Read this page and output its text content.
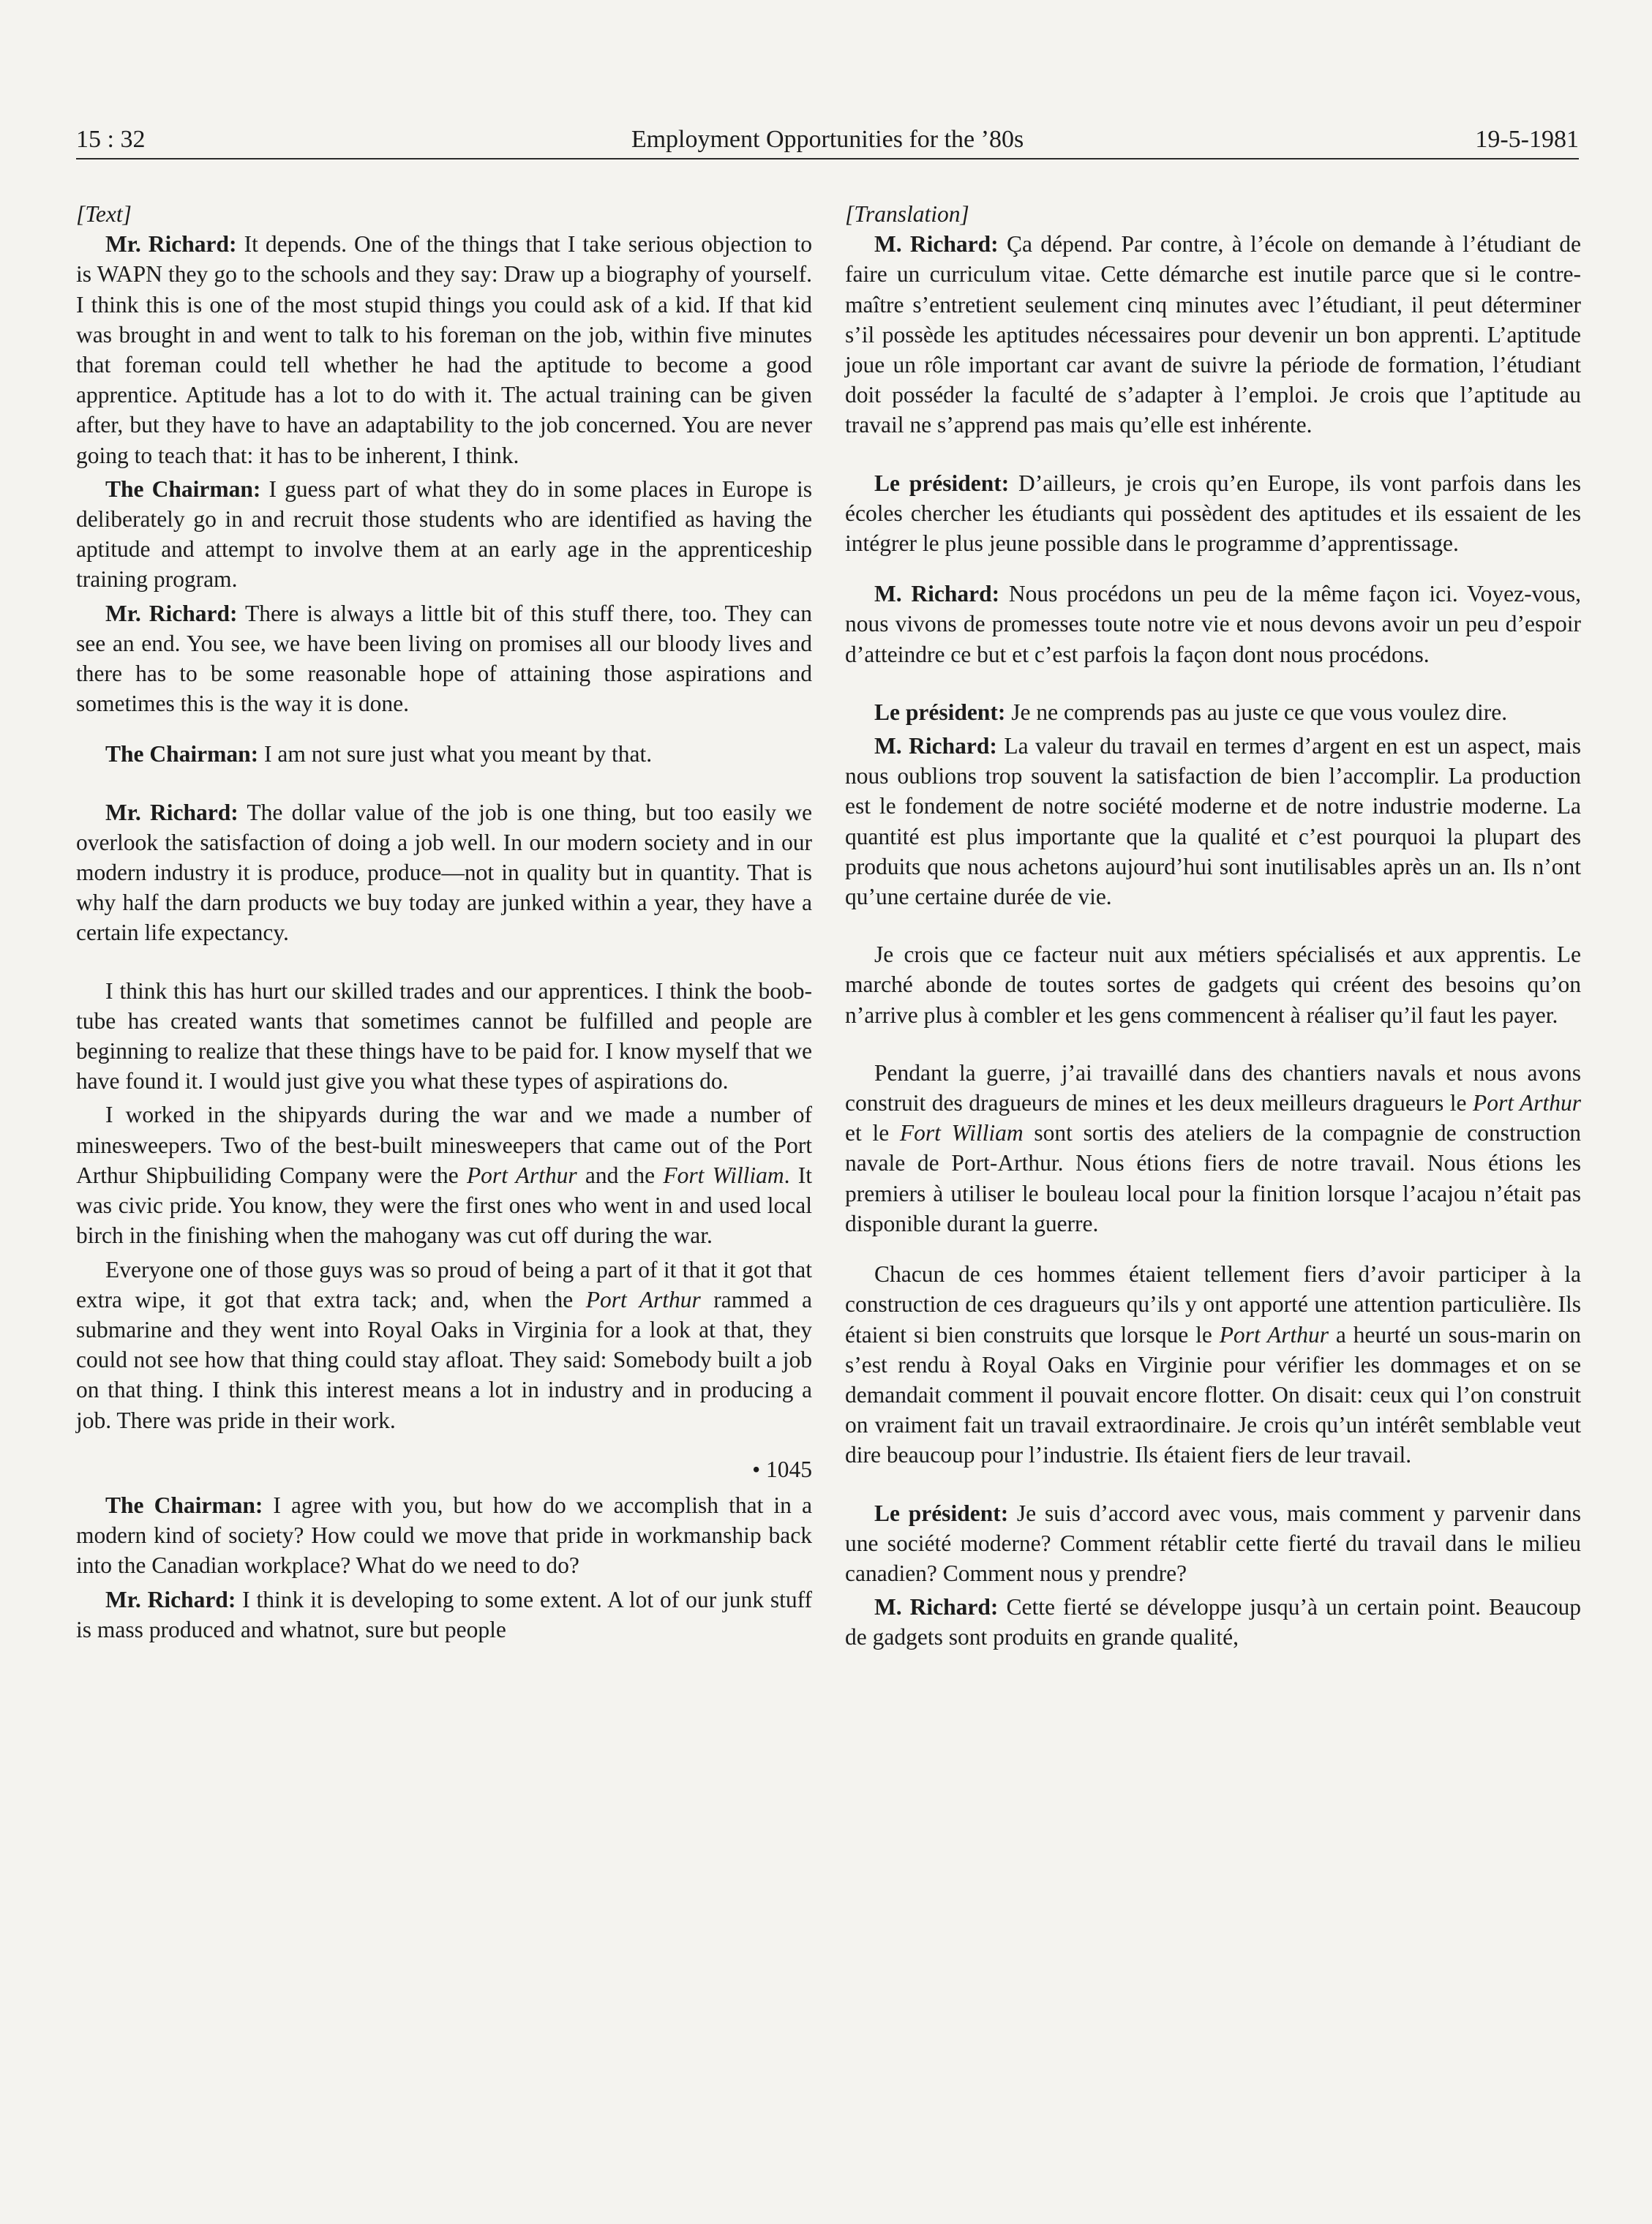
15 : 32	Employment Opportunities for the ’80s	19-5-1981

[Text]

Mr. Richard: It depends. One of the things that I take serious objection to is WAPN they go to the schools and they say: Draw up a biography of yourself. I think this is one of the most stupid things you could ask of a kid. If that kid was brought in and went to talk to his foreman on the job, within five minutes that foreman could tell whether he had the aptitude to become a good apprentice. Aptitude has a lot to do with it. The actual training can be given after, but they have to have an adaptability to the job concerned. You are never going to teach that: it has to be inherent, I think.

The Chairman: I guess part of what they do in some places in Europe is deliberately go in and recruit those students who are identified as having the aptitude and attempt to involve them at an early age in the apprenticeship training program.

Mr. Richard: There is always a little bit of this stuff there, too. They can see an end. You see, we have been living on promises all our bloody lives and there has to be some reasonable hope of attaining those aspirations and sometimes this is the way it is done.

The Chairman: I am not sure just what you meant by that.

Mr. Richard: The dollar value of the job is one thing, but too easily we overlook the satisfaction of doing a job well. In our modern society and in our modern industry it is produce, produce—not in quality but in quantity. That is why half the darn products we buy today are junked within a year, they have a certain life expectancy.

I think this has hurt our skilled trades and our apprentices. I think the boob-tube has created wants that sometimes cannot be fulfilled and people are beginning to realize that these things have to be paid for. I know myself that we have found it. I would just give you what these types of aspirations do.

I worked in the shipyards during the war and we made a number of minesweepers. Two of the best-built minesweepers that came out of the Port Arthur Shipbuiliding Company were the Port Arthur and the Fort William. It was civic pride. You know, they were the first ones who went in and used local birch in the finishing when the mahogany was cut off during the war.

Everyone one of those guys was so proud of being a part of it that it got that extra wipe, it got that extra tack; and, when the Port Arthur rammed a submarine and they went into Royal Oaks in Virginia for a look at that, they could not see how that thing could stay afloat. They said: Somebody built a job on that thing. I think this interest means a lot in industry and in producing a job. There was pride in their work.

• 1045

The Chairman: I agree with you, but how do we accomplish that in a modern kind of society? How could we move that pride in workmanship back into the Canadian workplace? What do we need to do?

Mr. Richard: I think it is developing to some extent. A lot of our junk stuff is mass produced and whatnot, sure but people

[Translation]

M. Richard: Ça dépend. Par contre, à l’école on demande à l’étudiant de faire un curriculum vitae. Cette démarche est inutile parce que si le contre-maître s’entretient seulement cinq minutes avec l’étudiant, il peut déterminer s’il possède les aptitudes nécessaires pour devenir un bon apprenti. L’aptitude joue un rôle important car avant de suivre la période de formation, l’étudiant doit posséder la faculté de s’adapter à l’emploi. Je crois que l’aptitude au travail ne s’apprend pas mais qu’elle est inhérente.

Le président: D’ailleurs, je crois qu’en Europe, ils vont parfois dans les écoles chercher les étudiants qui possèdent des aptitudes et ils essaient de les intégrer le plus jeune possible dans le programme d’apprentissage.

M. Richard: Nous procédons un peu de la même façon ici. Voyez-vous, nous vivons de promesses toute notre vie et nous devons avoir un peu d’espoir d’atteindre ce but et c’est parfois la façon dont nous procédons.

Le président: Je ne comprends pas au juste ce que vous voulez dire.

M. Richard: La valeur du travail en termes d’argent en est un aspect, mais nous oublions trop souvent la satisfaction de bien l’accomplir. La production est le fondement de notre société moderne et de notre industrie moderne. La quantité est plus importante que la qualité et c’est pourquoi la plupart des produits que nous achetons aujourd’hui sont inutilisables après un an. Ils n’ont qu’une certaine durée de vie.

Je crois que ce facteur nuit aux métiers spécialisés et aux apprentis. Le marché abonde de toutes sortes de gadgets qui créent des besoins qu’on n’arrive plus à combler et les gens commencent à réaliser qu’il faut les payer.

Pendant la guerre, j’ai travaillé dans des chantiers navals et nous avons construit des dragueurs de mines et les deux meilleurs dragueurs le Port Arthur et le Fort William sont sortis des ateliers de la compagnie de construction navale de Port-Arthur. Nous étions fiers de notre travail. Nous étions les premiers à utiliser le bouleau local pour la finition lorsque l’acajou n’était pas disponible durant la guerre.

Chacun de ces hommes étaient tellement fiers d’avoir participer à la construction de ces dragueurs qu’ils y ont apporté une attention particulière. Ils étaient si bien construits que lorsque le Port Arthur a heurté un sous-marin on s’est rendu à Royal Oaks en Virginie pour vérifier les dommages et on se demandait comment il pouvait encore flotter. On disait: ceux qui l’on construit on vraiment fait un travail extraordinaire. Je crois qu’un intérêt semblable veut dire beaucoup pour l’industrie. Ils étaient fiers de leur travail.

Le président: Je suis d’accord avec vous, mais comment y parvenir dans une société moderne? Comment rétablir cette fierté du travail dans le milieu canadien? Comment nous y prendre?

M. Richard: Cette fierté se développe jusqu’à un certain point. Beaucoup de gadgets sont produits en grande qualité,
